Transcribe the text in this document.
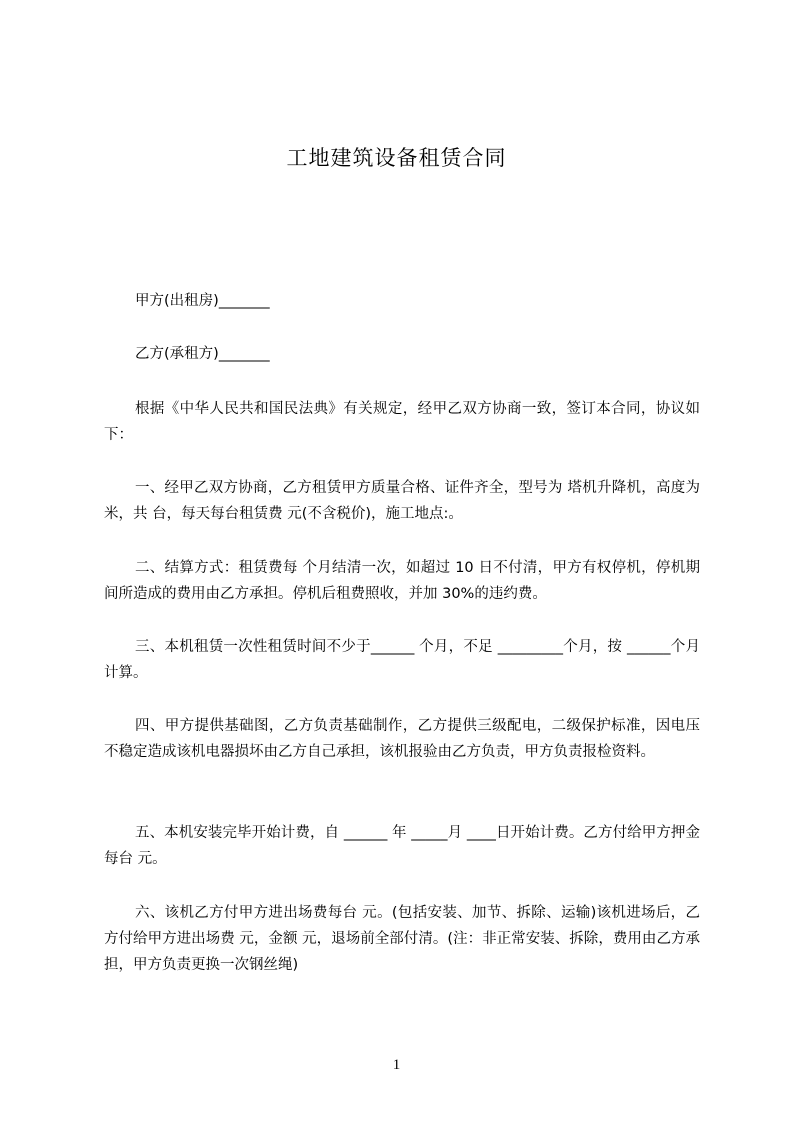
工地建筑设备租赁合同

甲方(出租房)_______

乙方(承租方)_______

根据《中华人民共和国民法典》有关规定，经甲乙双方协商一致，签订本合同，协议如下：

一、经甲乙双方协商，乙方租赁甲方质量合格、证件齐全，型号为 塔机升降机，高度为 米，共 台，每天每台租赁费 元(不含税价)，施工地点:。

二、结算方式：租赁费每 个月结清一次，如超过 10 日不付清，甲方有权停机，停机期间所造成的费用由乙方承担。停机后租费照收，并加 30%的违约费。

三、本机租赁一次性租赁时间不少于______ 个月，不足 _________个月，按 ______个月计算。

四、甲方提供基础图，乙方负责基础制作，乙方提供三级配电，二级保护标准，因电压不稳定造成该机电器损坏由乙方自己承担，该机报验由乙方负责，甲方负责报检资料。

五、本机安装完毕开始计费，自 ______ 年 _____月 ____日开始计费。乙方付给甲方押金每台 元。

六、该机乙方付甲方进出场费每台 元。(包括安装、加节、拆除、运输)该机进场后，乙方付给甲方进出场费 元，金额 元，退场前全部付清。(注：非正常安装、拆除，费用由乙方承担，甲方负责更换一次钢丝绳)

1
